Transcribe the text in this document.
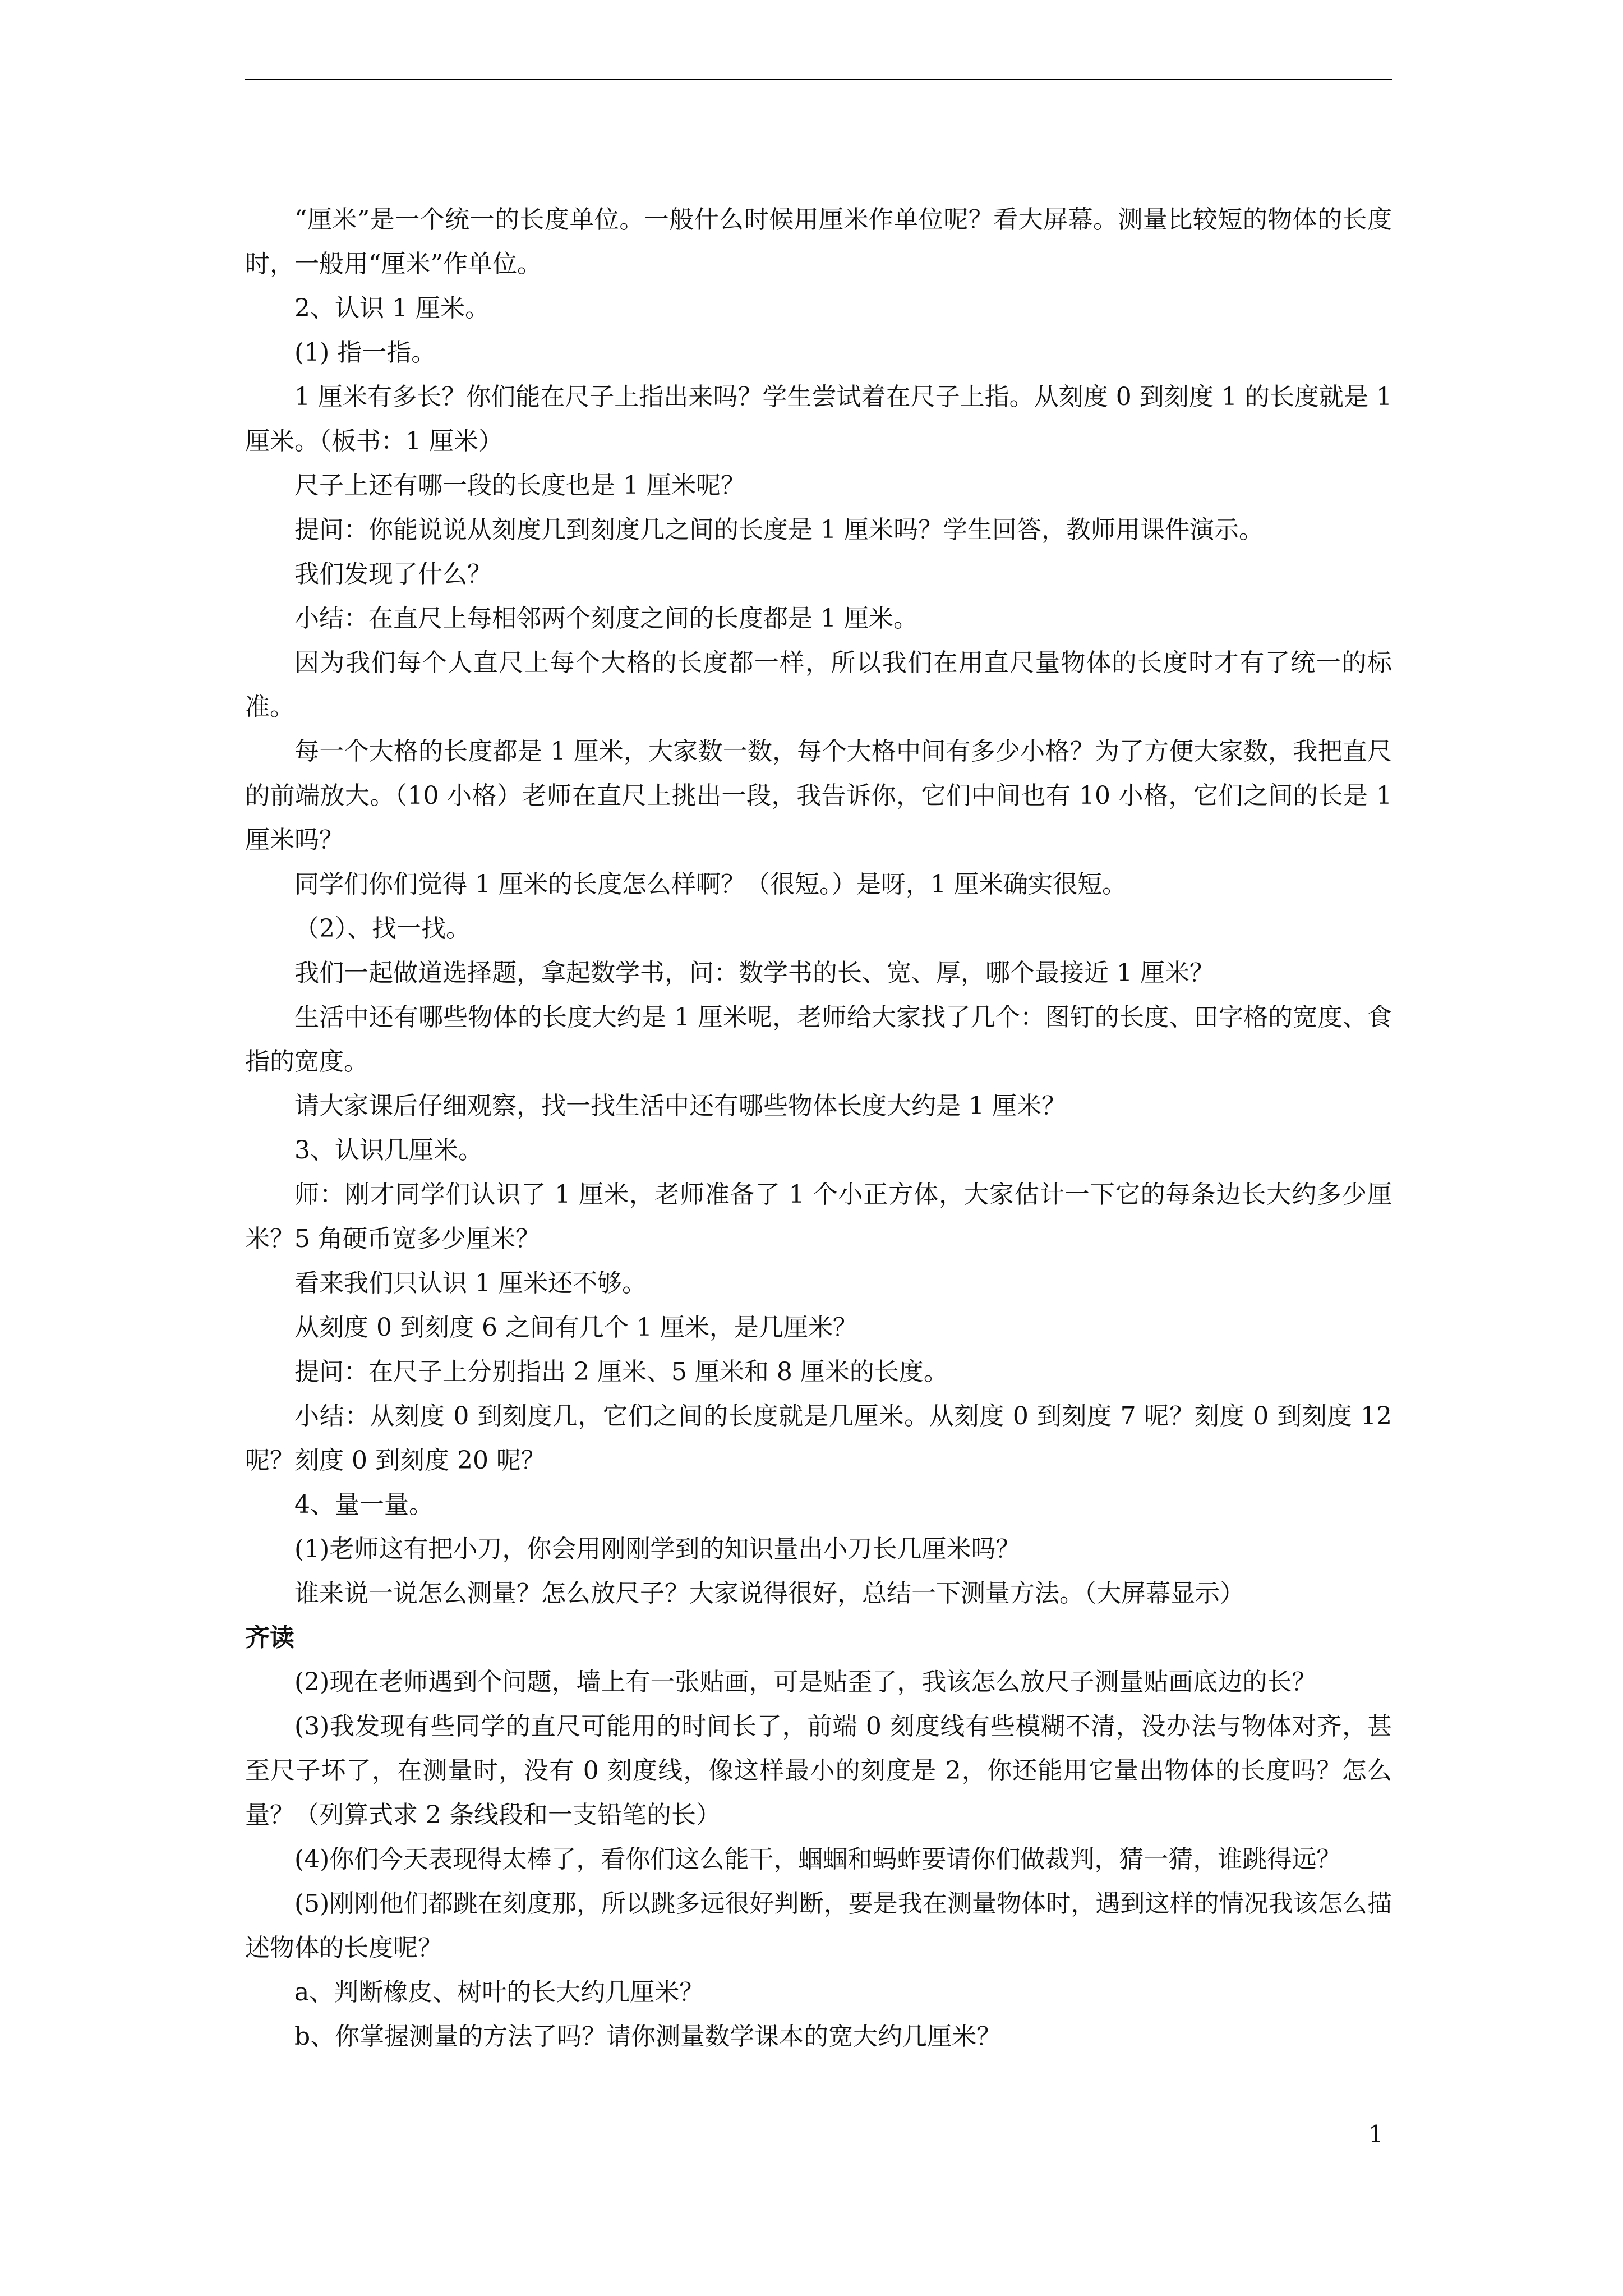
“厘米”是一个统一的长度单位。一般什么时候用厘米作单位呢？看大屏幕。测量比较短的物体的长度时，一般用“厘米”作单位。

2、认识 1 厘米。

(1) 指一指。

1 厘米有多长？你们能在尺子上指出来吗？学生尝试着在尺子上指。从刻度 0 到刻度 1 的长度就是 1 厘米。（板书：1 厘米）

尺子上还有哪一段的长度也是 1 厘米呢？

提问：你能说说从刻度几到刻度几之间的长度是 1 厘米吗？学生回答，教师用课件演示。

我们发现了什么？

小结：在直尺上每相邻两个刻度之间的长度都是 1 厘米。

因为我们每个人直尺上每个大格的长度都一样，所以我们在用直尺量物体的长度时才有了统一的标准。

每一个大格的长度都是 1 厘米，大家数一数，每个大格中间有多少小格？为了方便大家数，我把直尺的前端放大。（10 小格）老师在直尺上挑出一段，我告诉你，它们中间也有 10 小格，它们之间的长是 1 厘米吗？

同学们你们觉得 1 厘米的长度怎么样啊？（很短。）是呀，1 厘米确实很短。

（2）、找一找。

我们一起做道选择题，拿起数学书，问：数学书的长、宽、厚，哪个最接近 1 厘米？

生活中还有哪些物体的长度大约是 1 厘米呢，老师给大家找了几个：图钉的长度、田字格的宽度、食指的宽度。

请大家课后仔细观察，找一找生活中还有哪些物体长度大约是 1 厘米？

3、认识几厘米。

师：刚才同学们认识了 1 厘米，老师准备了 1 个小正方体，大家估计一下它的每条边长大约多少厘米？5 角硬币宽多少厘米？

看来我们只认识 1 厘米还不够。

从刻度 0 到刻度 6 之间有几个 1 厘米，是几厘米？

提问：在尺子上分别指出 2 厘米、5 厘米和 8 厘米的长度。

小结：从刻度 0 到刻度几，它们之间的长度就是几厘米。从刻度 0 到刻度 7 呢？刻度 0 到刻度 12 呢？刻度 0 到刻度 20 呢？

4、量一量。

(1)老师这有把小刀，你会用刚刚学到的知识量出小刀长几厘米吗？

谁来说一说怎么测量？怎么放尺子？大家说得很好，总结一下测量方法。（大屏幕显示）

齐读

(2)现在老师遇到个问题，墙上有一张贴画，可是贴歪了，我该怎么放尺子测量贴画底边的长？

(3)我发现有些同学的直尺可能用的时间长了，前端 0 刻度线有些模糊不清，没办法与物体对齐，甚至尺子坏了，在测量时，没有 0 刻度线，像这样最小的刻度是 2，你还能用它量出物体的长度吗？怎么量？（列算式求 2 条线段和一支铅笔的长）

(4)你们今天表现得太棒了，看你们这么能干，蝈蝈和蚂蚱要请你们做裁判，猜一猜，谁跳得远？

(5)刚刚他们都跳在刻度那，所以跳多远很好判断，要是我在测量物体时，遇到这样的情况我该怎么描述物体的长度呢？

a、判断橡皮、树叶的长大约几厘米？

b、你掌握测量的方法了吗？请你测量数学课本的宽大约几厘米？

1
